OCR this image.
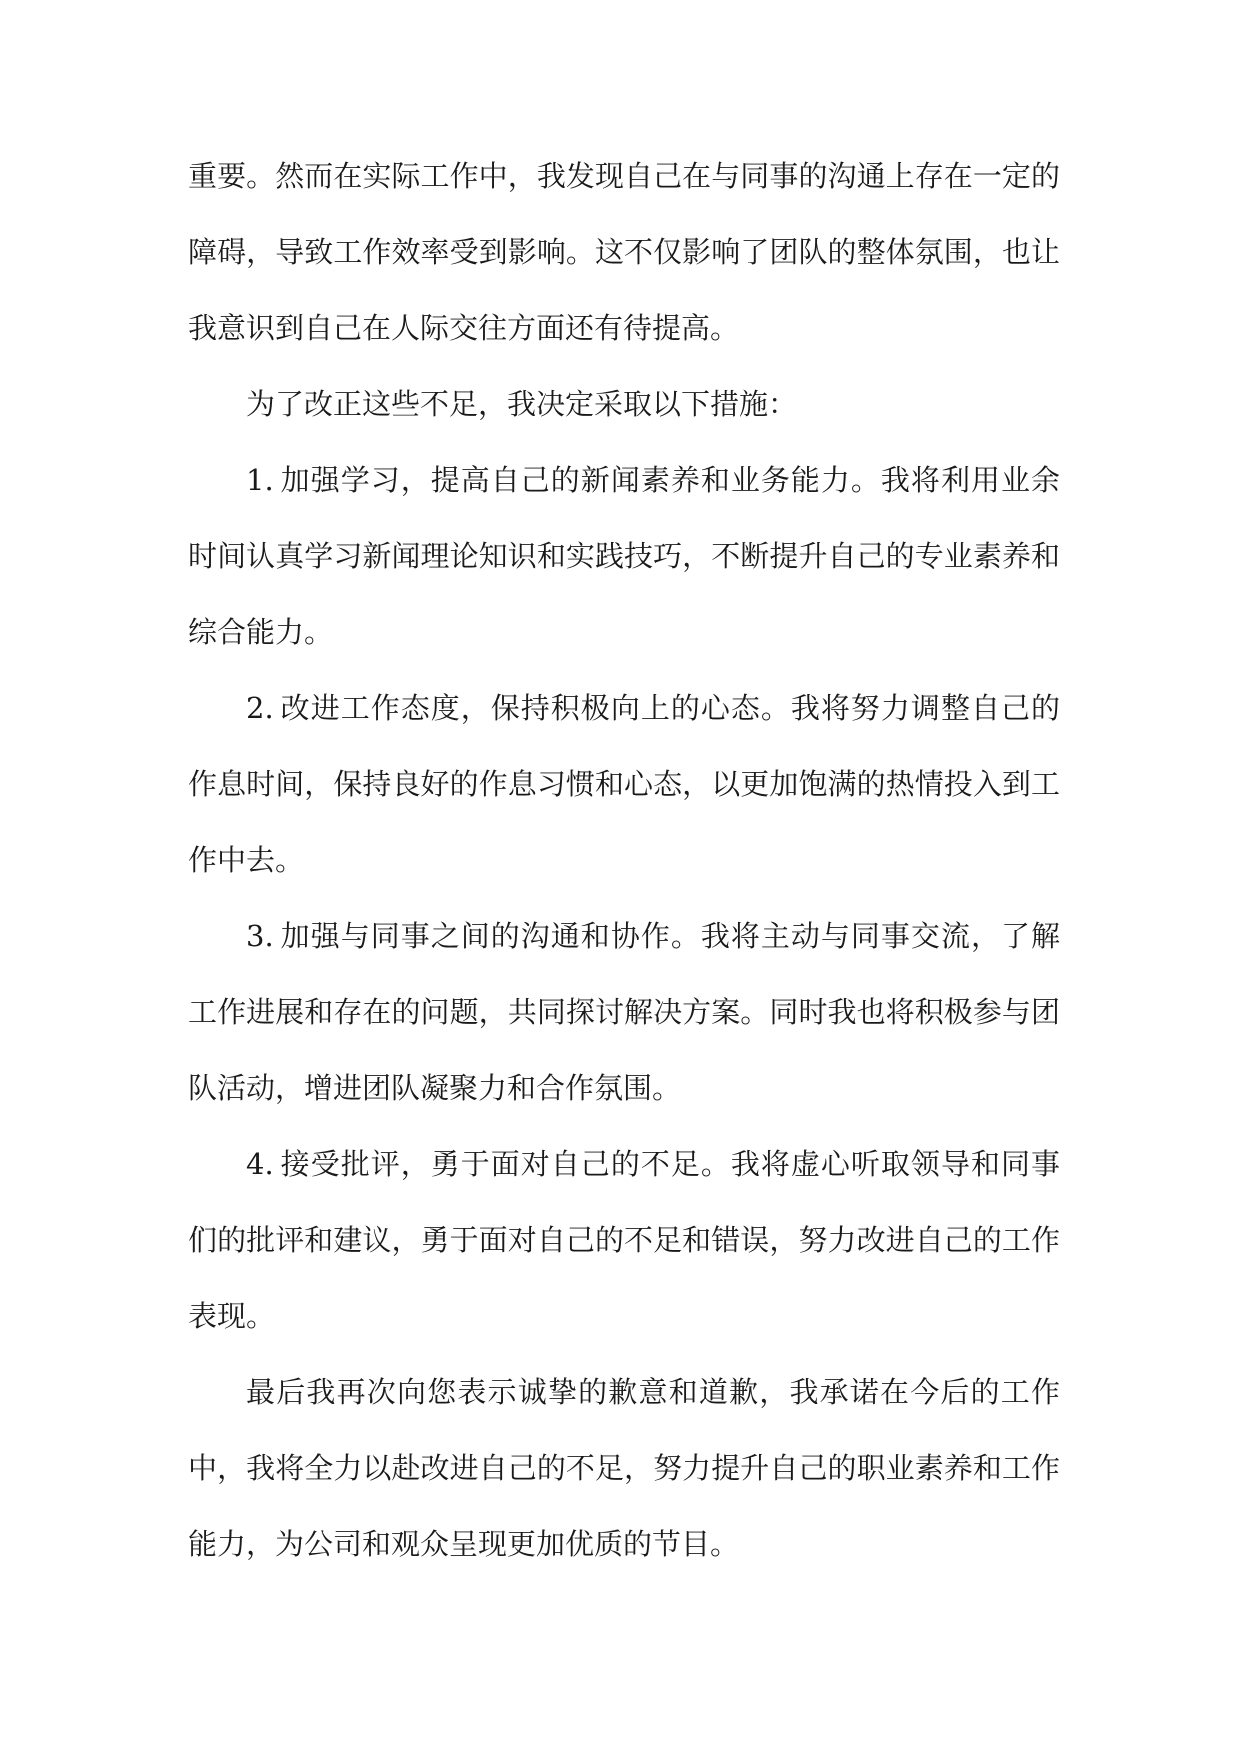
重要。然而在实际工作中，我发现自己在与同事的沟通上存在一定的障碍，导致工作效率受到影响。这不仅影响了团队的整体氛围，也让我意识到自己在人际交往方面还有待提高。

为了改正这些不足，我决定采取以下措施：

1. 加强学习，提高自己的新闻素养和业务能力。我将利用业余时间认真学习新闻理论知识和实践技巧，不断提升自己的专业素养和综合能力。

2. 改进工作态度，保持积极向上的心态。我将努力调整自己的作息时间，保持良好的作息习惯和心态，以更加饱满的热情投入到工作中去。

3. 加强与同事之间的沟通和协作。我将主动与同事交流，了解工作进展和存在的问题，共同探讨解决方案。同时我也将积极参与团队活动，增进团队凝聚力和合作氛围。

4. 接受批评，勇于面对自己的不足。我将虚心听取领导和同事们的批评和建议，勇于面对自己的不足和错误，努力改进自己的工作表现。

最后我再次向您表示诚挚的歉意和道歉，我承诺在今后的工作中，我将全力以赴改进自己的不足，努力提升自己的职业素养和工作能力，为公司和观众呈现更加优质的节目。
